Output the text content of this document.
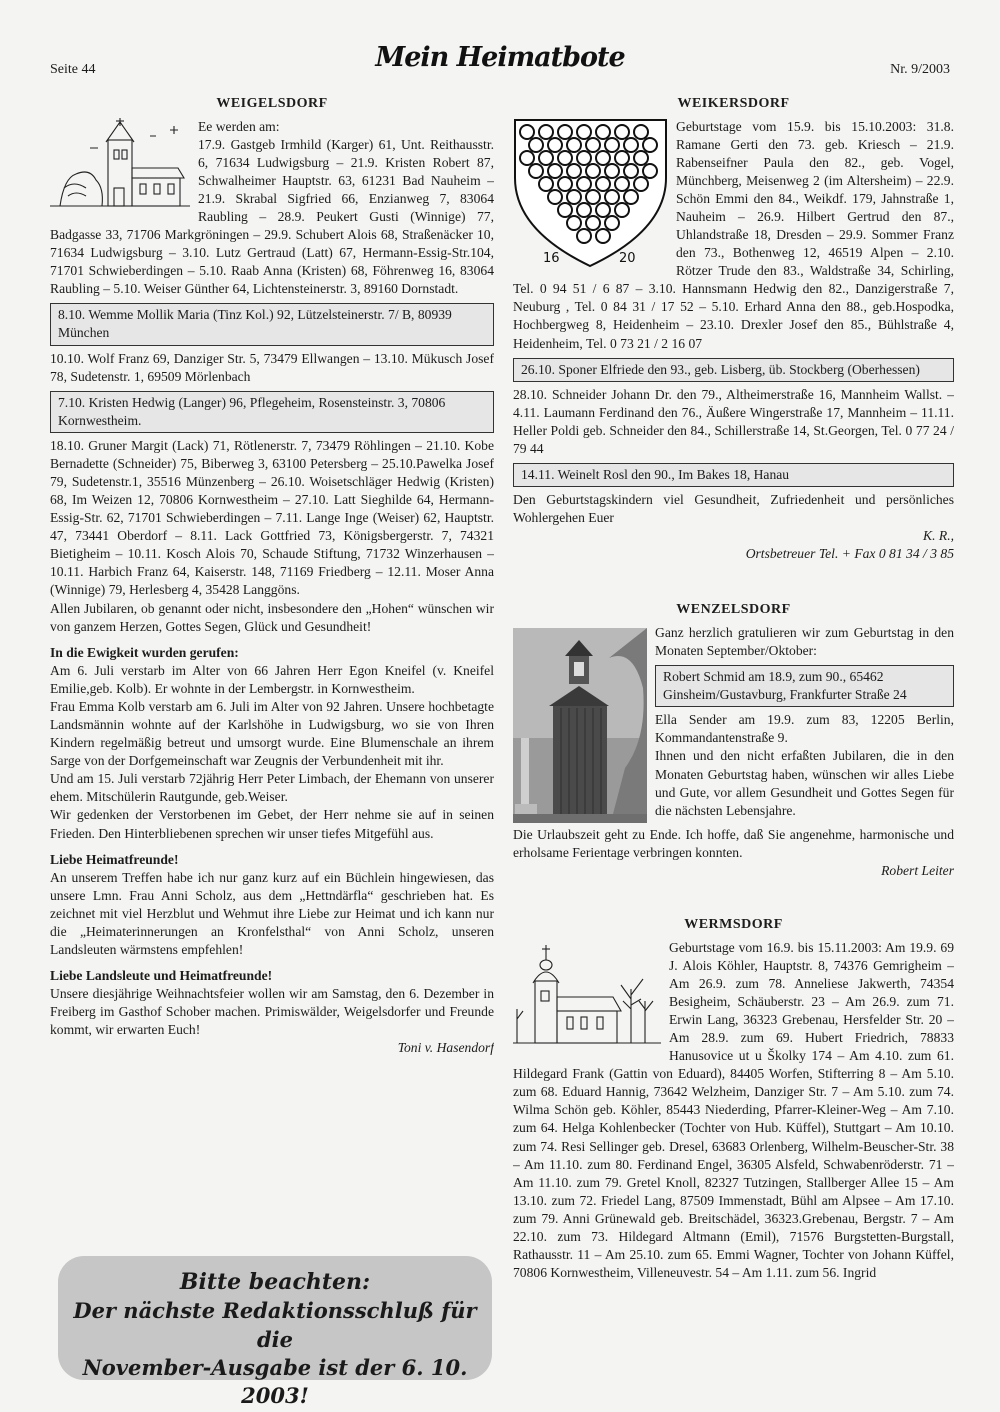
Seite 44	Mein Heimatbote	Nr. 9/2003
WEIGELSDORF

Ee werden am:

17.9. Gastgeb Irmhild (Karger) 61, Unt. Reithausstr. 6, 71634 Ludwigsburg – 21.9. Kristen Robert 87, Schwalheimer Hauptstr. 63, 61231 Bad Nauheim – 21.9. Skrabal Sigfried 66, Enzianweg 7, 83064 Raubling – 28.9. Peukert Gusti (Winnige) 77, Badgasse 33, 71706 Markgröningen – 29.9. Schubert Alois 68, Straßenäcker 10, 71634 Ludwigsburg – 3.10. Lutz Gertraud (Latt) 67, Hermann-Essig-Str.104, 71701 Schwieberdingen – 5.10. Raab Anna (Kristen) 68, Föhrenweg 16, 83064 Raubling – 5.10. Weiser Günther 64, Lichtensteinerstr. 3, 89160 Dornstadt.

8.10. Wemme Mollik Maria (Tinz Kol.) 92, Lützelsteinerstr. 7/ B, 80939 München

10.10. Wolf Franz 69, Danziger Str. 5, 73479 Ellwangen – 13.10. Mükusch Josef 78, Sudetenstr. 1, 69509 Mörlenbach

7.10. Kristen Hedwig (Langer) 96, Pflegeheim, Rosensteinstr. 3, 70806 Kornwestheim.

18.10. Gruner Margit (Lack) 71, Rötlenerstr. 7, 73479 Röhlingen – 21.10. Kobe Bernadette (Schneider) 75, Biberweg 3, 63100 Petersberg – 25.10.Pawelka Josef 79, Sudetenstr.1, 35516 Münzenberg – 26.10. Woisetschläger Hedwig (Kristen) 68, Im Weizen 12, 70806 Kornwestheim – 27.10. Latt Sieghilde 64, Hermann-Essig-Str. 62, 71701 Schwieberdingen – 7.11. Lange Inge (Weiser) 62, Hauptstr. 47, 73441 Oberdorf – 8.11. Lack Gottfried 73, Königsbergerstr. 7, 74321 Bietigheim – 10.11. Kosch Alois 70, Schaude Stiftung, 71732 Winzerhausen – 10.11. Harbich Franz 64, Kaiserstr. 148, 71169 Friedberg – 12.11. Moser Anna (Winnige) 79, Herlesberg 4, 35428 Langgöns.

Allen Jubilaren, ob genannt oder nicht, insbesondere den „Hohen“ wünschen wir von ganzem Herzen, Gottes Segen, Glück und Gesundheit!

In die Ewigkeit wurden gerufen:

Am 6. Juli verstarb im Alter von 66 Jahren Herr Egon Kneifel (v. Kneifel Emilie,geb. Kolb). Er wohnte in der Lembergstr. in Kornwestheim.

Frau Emma Kolb verstarb am 6. Juli im Alter von 92 Jahren. Unsere hochbetagte Landsmännin wohnte auf der Karlshöhe in Ludwigsburg, wo sie von Ihren Kindern regelmäßig betreut und umsorgt wurde. Eine Blumenschale an ihrem Sarge von der Dorfgemeinschaft war Zeugnis der Verbundenheit mit ihr.

Und am 15. Juli verstarb 72jährig Herr Peter Limbach, der Ehemann von unserer ehem. Mitschülerin Rautgunde, geb.Weiser.

Wir gedenken der Verstorbenen im Gebet, der Herr nehme sie auf in seinen Frieden. Den Hinterbliebenen sprechen wir unser tiefes Mitgefühl aus.

Liebe Heimatfreunde!

An unserem Treffen habe ich nur ganz kurz auf ein Büchlein hingewiesen, das unsere Lmn. Frau Anni Scholz, aus dem „Hettndärfla“ geschrieben hat. Es zeichnet mit viel Herzblut und Wehmut ihre Liebe zur Heimat und ich kann nur die „Heimaterinnerungen an Kronfelsthal“ von Anni Scholz, unseren Landsleuten wärmstens empfehlen!

Liebe Landsleute und Heimatfreunde!

Unsere diesjährige Weihnachtsfeier wollen wir am Samstag, den 6. Dezember in Freiberg im Gasthof Schober machen. Primiswälder, Weigelsdorfer und Freunde kommt, wir erwarten Euch!

Toni v. Hasendorf
Bitte beachten:
Der nächste Redaktionsschluß für die
November-Ausgabe ist der 6. 10. 2003!
WEIKERSDORF
16	20

Geburtstage vom 15.9. bis 15.10.2003: 31.8. Ramane Gerti den 73. geb. Kriesch – 21.9. Rabenseifner Paula den 82., geb. Vogel, Münchberg, Meisenweg 2 (im Altersheim) – 22.9. Schön Emmi den 84., Weikdf. 179, Jahnstraße 1, Nauheim – 26.9. Hilbert Gertrud den 87., Uhlandstraße 18, Dresden – 29.9. Sommer Franz den 73., Bothenweg 12, 46519 Alpen – 2.10. Rötzer Trude den 83., Waldstraße 34, Schirling, Tel. 0 94 51 / 6 87 – 3.10. Hannsmann Hedwig den 82., Danzigerstraße 7, Neuburg , Tel. 0 84 31 / 17 52 – 5.10. Erhard Anna den 88., geb.Hospodka, Hochbergweg 8, Heidenheim – 23.10. Drexler Josef den 85., Bühlstraße 4, Heidenheim, Tel. 0 73 21 / 2 16 07

26.10. Sponer Elfriede den 93., geb. Lisberg, üb. Stockberg (Oberhessen)

28.10. Schneider Johann Dr. den 79., Altheimerstraße 16, Mannheim Wallst. – 4.11. Laumann Ferdinand den 76., Äußere Wingerstraße 17, Mannheim – 11.11. Heller Poldi geb. Schneider den 84., Schillerstraße 14, St.Georgen, Tel. 0 77 24 / 79 44

14.11. Weinelt Rosl den 90., Im Bakes 18, Hanau

Den Geburtstagskindern viel Gesundheit, Zufriedenheit und persönliches Wohlergehen Euer

K. R.,
Ortsbetreuer Tel. + Fax 0 81 34 / 3 85
WENZELSDORF

Ganz herzlich gratulieren wir zum Geburtstag in den Monaten September/Oktober:

Robert Schmid am 18.9, zum 90., 65462 Ginsheim/Gustavburg, Frankfurter Straße 24

Ella Sender am 19.9. zum 83, 12205 Berlin, Kommandantenstraße 9.

Ihnen und den nicht erfaßten Jubilaren, die in den Monaten Geburtstag haben, wünschen wir alles Liebe und Gute, vor allem Gesundheit und Gottes Segen für die nächsten Lebensjahre.

Die Urlaubszeit geht zu Ende. Ich hoffe, daß Sie angenehme, harmonische und erholsame Ferientage verbringen konnten.

Robert Leiter
WERMSDORF

Geburtstage vom 16.9. bis 15.11.2003: Am 19.9. 69 J. Alois Köhler, Hauptstr. 8, 74376 Gemrigheim – Am 26.9. zum 78. Anneliese Jakwerth, 74354 Besigheim, Schäuberstr. 23 – Am 26.9. zum 71. Erwin Lang, 36323 Grebenau, Hersfelder Str. 20 – Am 28.9. zum 69. Hubert Friedrich, 78833 Hanusovice ut u Školky 174 – Am 4.10. zum 61. Hildegard Frank (Gattin von Eduard), 84405 Worfen, Stifterring 8 – Am 5.10. zum 68. Eduard Hannig, 73642 Welzheim, Danziger Str. 7 – Am 5.10. zum 74. Wilma Schön geb. Köhler, 85443 Niederding, Pfarrer-Kleiner-Weg – Am 7.10. zum 64. Helga Kohlenbecker (Tochter von Hub. Küffel), Stuttgart – Am 10.10. zum 74. Resi Sellinger geb. Dresel, 63683 Orlenberg, Wilhelm-Beuscher-Str. 38 – Am 11.10. zum 80. Ferdinand Engel, 36305 Alsfeld, Schwabenröderstr. 71 – Am 11.10. zum 79. Gretel Knoll, 82327 Tutzingen, Stallberger Allee 15 – Am 13.10. zum 72. Friedel Lang, 87509 Immenstadt, Bühl am Alpsee – Am 17.10. zum 79. Anni Grünewald geb. Breitschädel, 36323.Grebenau, Bergstr. 7 – Am 22.10. zum 73. Hildegard Altmann (Emil), 71576 Burgstetten-Burgstall, Rathausstr. 11 – Am 25.10. zum 65. Emmi Wagner, Tochter von Johann Küffel, 70806 Kornwestheim, Villeneuvestr. 54 – Am 1.11. zum 56. Ingrid
